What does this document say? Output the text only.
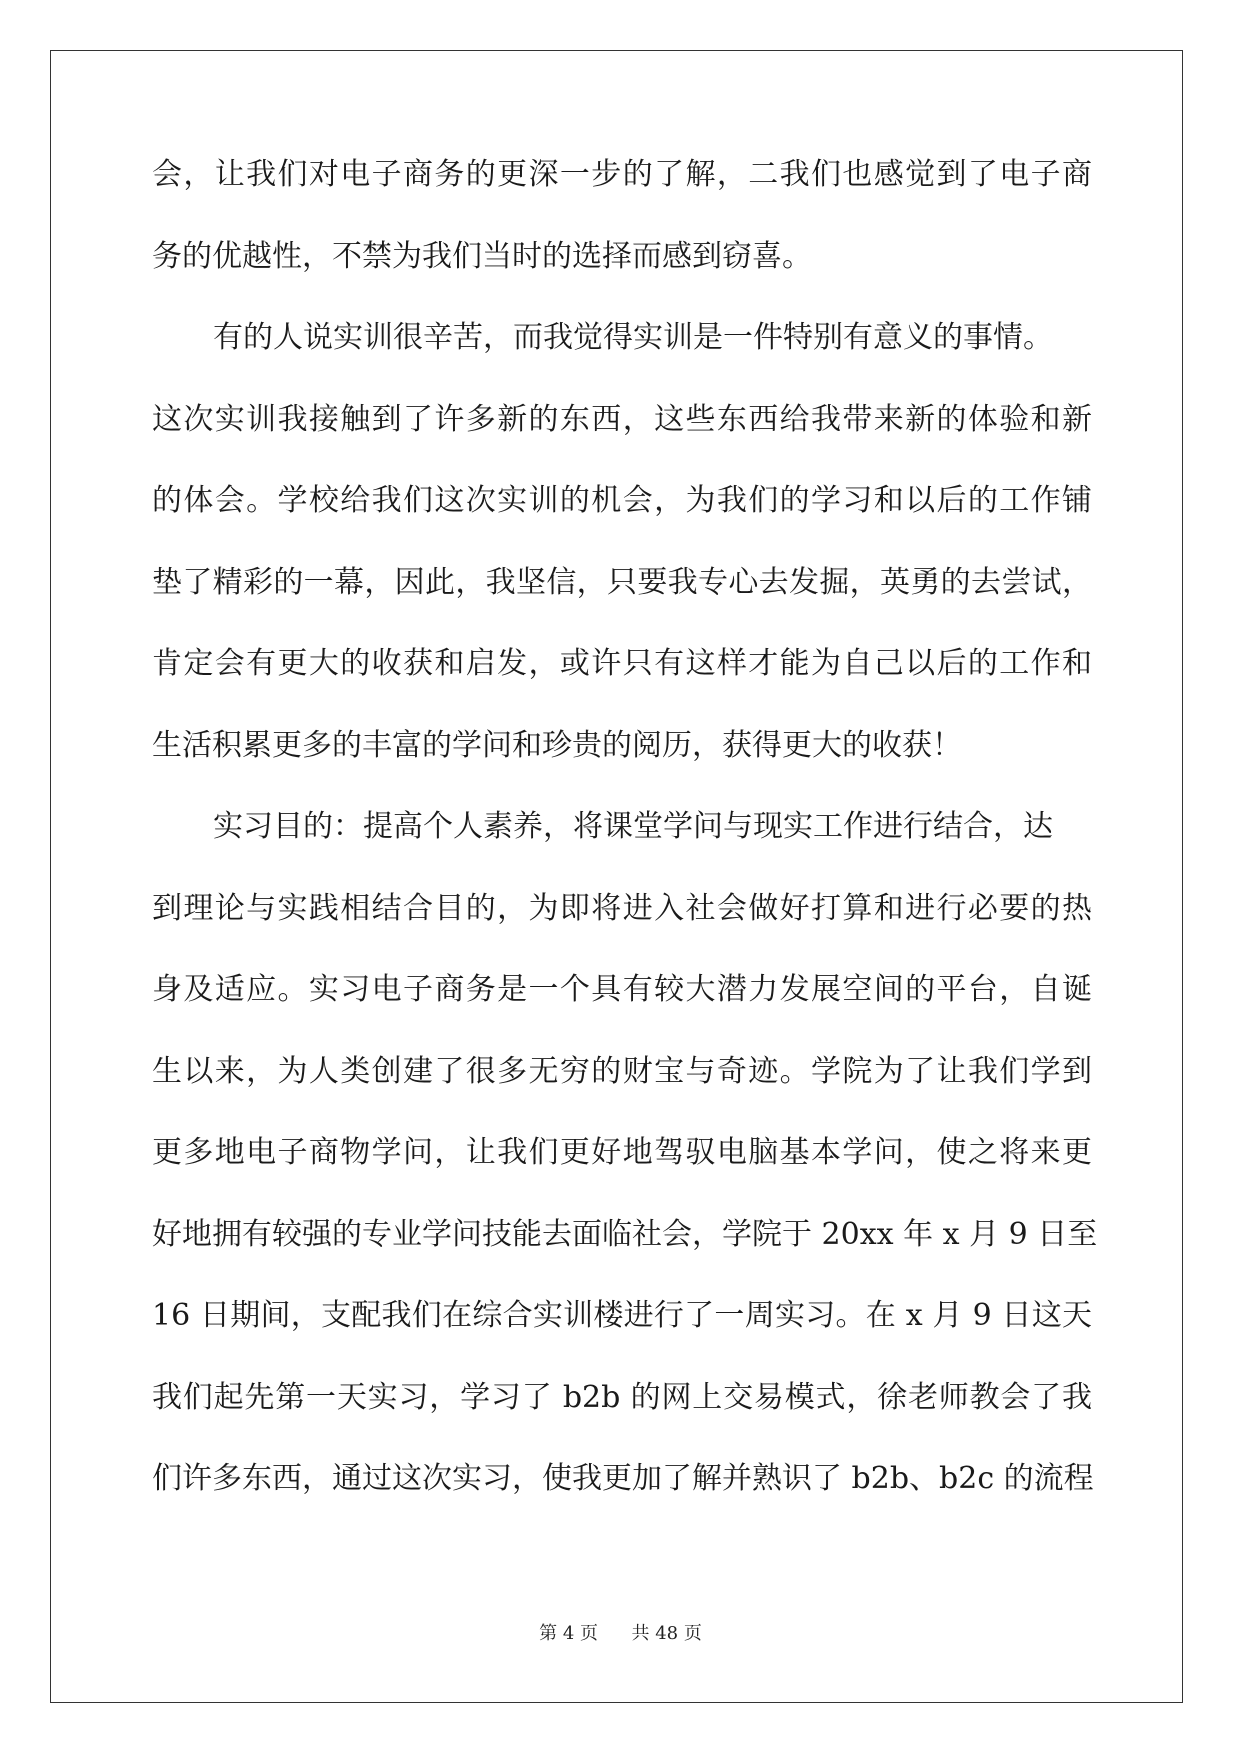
会，让我们对电子商务的更深一步的了解，二我们也感觉到了电子商
务的优越性，不禁为我们当时的选择而感到窃喜。
有的人说实训很辛苦，而我觉得实训是一件特别有意义的事情。
这次实训我接触到了许多新的东西，这些东西给我带来新的体验和新
的体会。学校给我们这次实训的机会，为我们的学习和以后的工作铺
垫了精彩的一幕，因此，我坚信，只要我专心去发掘，英勇的去尝试，
肯定会有更大的收获和启发，或许只有这样才能为自己以后的工作和
生活积累更多的丰富的学问和珍贵的阅历，获得更大的收获！
实习目的：提高个人素养，将课堂学问与现实工作进行结合，达
到理论与实践相结合目的，为即将进入社会做好打算和进行必要的热
身及适应。实习电子商务是一个具有较大潜力发展空间的平台，自诞
生以来，为人类创建了很多无穷的财宝与奇迹。学院为了让我们学到
更多地电子商物学问，让我们更好地驾驭电脑基本学问，使之将来更
好地拥有较强的专业学问技能去面临社会，学院于 20xx 年 x 月 9 日至
16 日期间，支配我们在综合实训楼进行了一周实习。在 x 月 9 日这天
我们起先第一天实习，学习了 b2b 的网上交易模式，徐老师教会了我
们许多东西，通过这次实习，使我更加了解并熟识了 b2b、b2c 的流程
第 4 页 共 48 页
